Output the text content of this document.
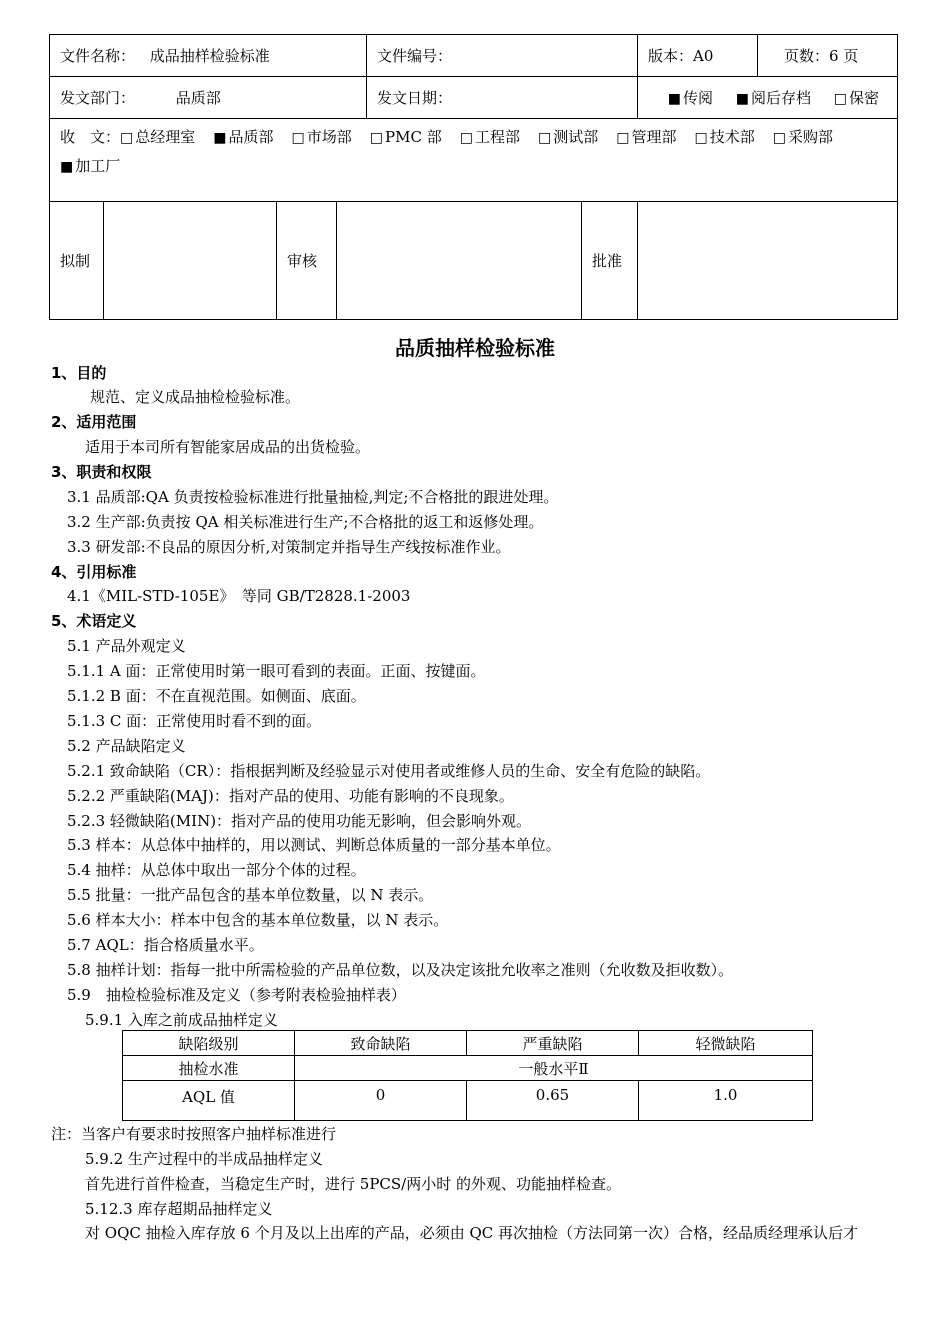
文件名称： 成品抽样检验标准				文件编号：		版本：A0	页数：6 页
发文部门： 品质部				发文日期：		■ 传阅 ■ 阅后存档 □ 保密	
收　文：□ 总经理室 ■ 品质部 □ 市场部 □ PMC 部 □ 工程部 □ 测试部 □ 管理部 □ 技术部 □ 采购部
■ 加工厂							
拟制		审核			批准		
品质抽样检验标准
1、目的
规范、定义成品抽检检验标准。
2、适用范围
适用于本司所有智能家居成品的出货检验。
3、职责和权限
3.1 品质部:QA 负责按检验标准进行批量抽检,判定;不合格批的跟进处理。
3.2 生产部:负责按 QA 相关标准进行生产;不合格批的返工和返修处理。
3.3 研发部:不良品的原因分析,对策制定并指导生产线按标准作业。
4、引用标准
4.1《MIL-STD-105E》　等同 GB/T2828.1-2003
5、术语定义
5.1 产品外观定义
5.1.1 A 面：正常使用时第一眼可看到的表面。正面、按键面。
5.1.2 B 面：不在直视范围。如侧面、底面。
5.1.3 C 面：正常使用时看不到的面。
5.2 产品缺陷定义
5.2.1 致命缺陷（CR）：指根据判断及经验显示对使用者或维修人员的生命、安全有危险的缺陷。
5.2.2 严重缺陷(MAJ)：指对产品的使用、功能有影响的不良现象。
5.2.3 轻微缺陷(MIN)：指对产品的使用功能无影响，但会影响外观。
5.3 样本：从总体中抽样的，用以测试、判断总体质量的一部分基本单位。
5.4 抽样：从总体中取出一部分个体的过程。
5.5 批量：一批产品包含的基本单位数量，以 N 表示。
5.6 样本大小：样本中包含的基本单位数量，以 N 表示。
5.7 AQL：指合格质量水平。
5.8 抽样计划：指每一批中所需检验的产品单位数，以及决定该批允收率之准则（允收数及拒收数）。
5.9　抽检检验标准及定义（参考附表检验抽样表）
5.9.1 入库之前成品抽样定义
注：当客户有要求时按照客户抽样标准进行
5.9.2 生产过程中的半成品抽样定义
首先进行首件检查，当稳定生产时，进行 5PCS/两小时 的外观、功能抽样检查。
5.12.3 库存超期品抽样定义
对 OQC 抽检入库存放 6 个月及以上出库的产品，必须由 QC 再次抽检（方法同第一次）合格，经品质经理承认后才
缺陷级别	致命缺陷	严重缺陷	轻微缺陷
抽检水准	一般水平Ⅱ		
AQL 值	0	0.65	1.0
